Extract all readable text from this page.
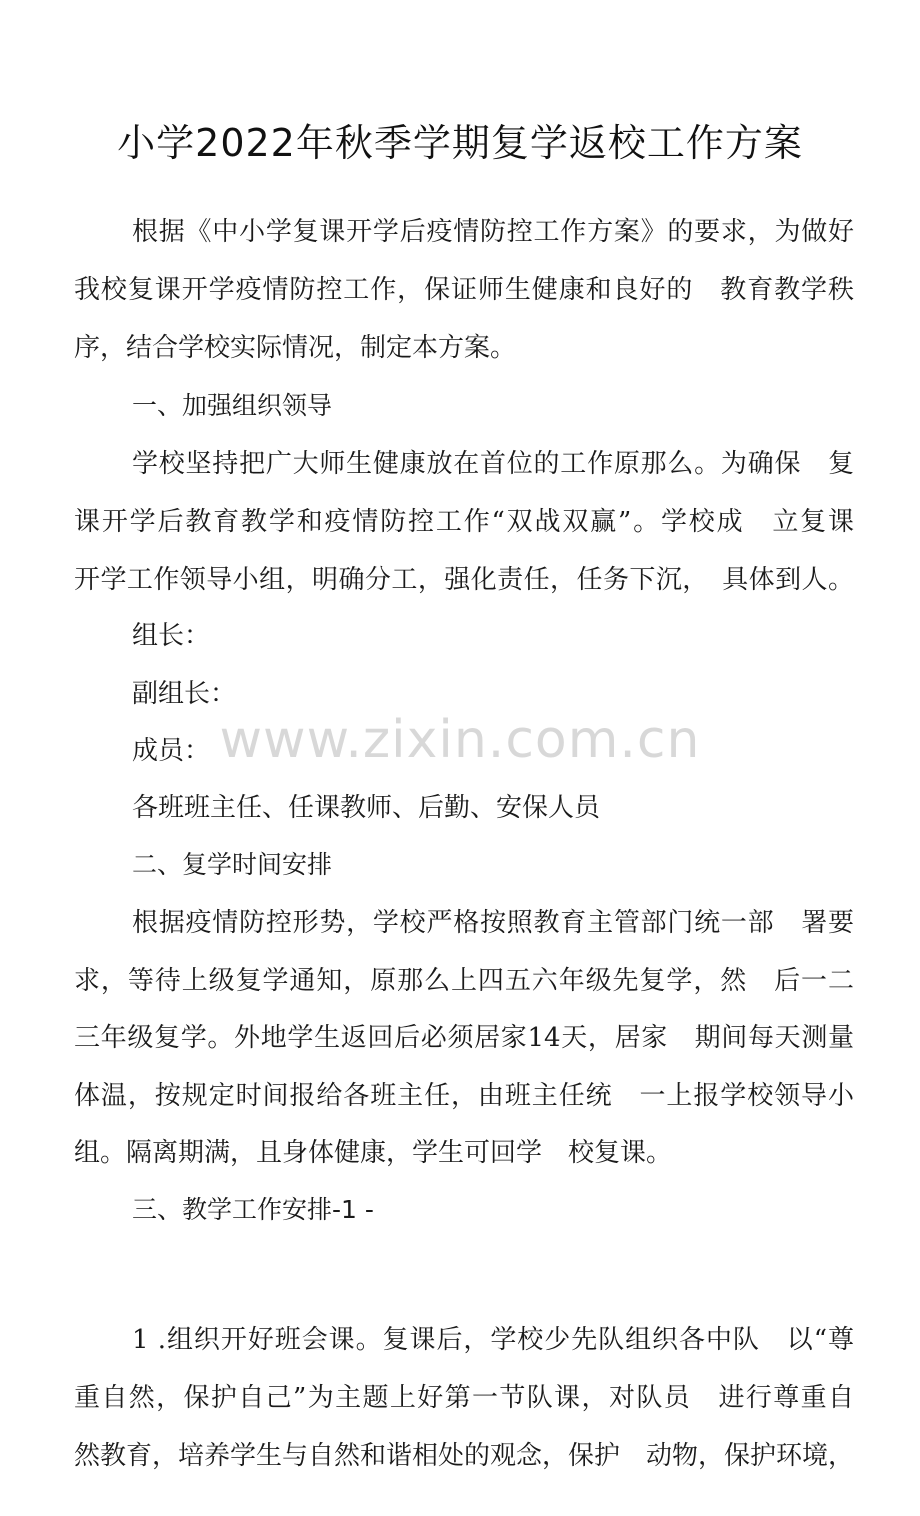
小学2022年秋季学期复学返校工作方案
根据《中小学复课开学后疫情防控工作方案》的要求，为做好
我校复课开学疫情防控工作，保证师生健康和良好的　教育教学秩
序，结合学校实际情况，制定本方案。
一、加强组织领导
学校坚持把广大师生健康放在首位的工作原那么。为确保　复
课开学后教育教学和疫情防控工作“双战双赢”。学校成　立复课
开学工作领导小组，明确分工，强化责任，任务下沉，　具体到人。
组长：
副组长：
成员：
各班班主任、任课教师、后勤、安保人员
二、复学时间安排
根据疫情防控形势，学校严格按照教育主管部门统一部　署要
求，等待上级复学通知，原那么上四五六年级先复学，然　后一二
三年级复学。外地学生返回后必须居家14天，居家　期间每天测量
体温，按规定时间报给各班主任，由班主任统　一上报学校领导小
组。隔离期满，且身体健康，学生可回学　校复课。
三、教学工作安排-1 -
1 .组织开好班会课。复课后，学校少先队组织各中队　以“尊
重自然，保护自己”为主题上好第一节队课，对队员　进行尊重自
然教育，培养学生与自然和谐相处的观念，保护　动物，保护环境，
www.zixin.com.cn
